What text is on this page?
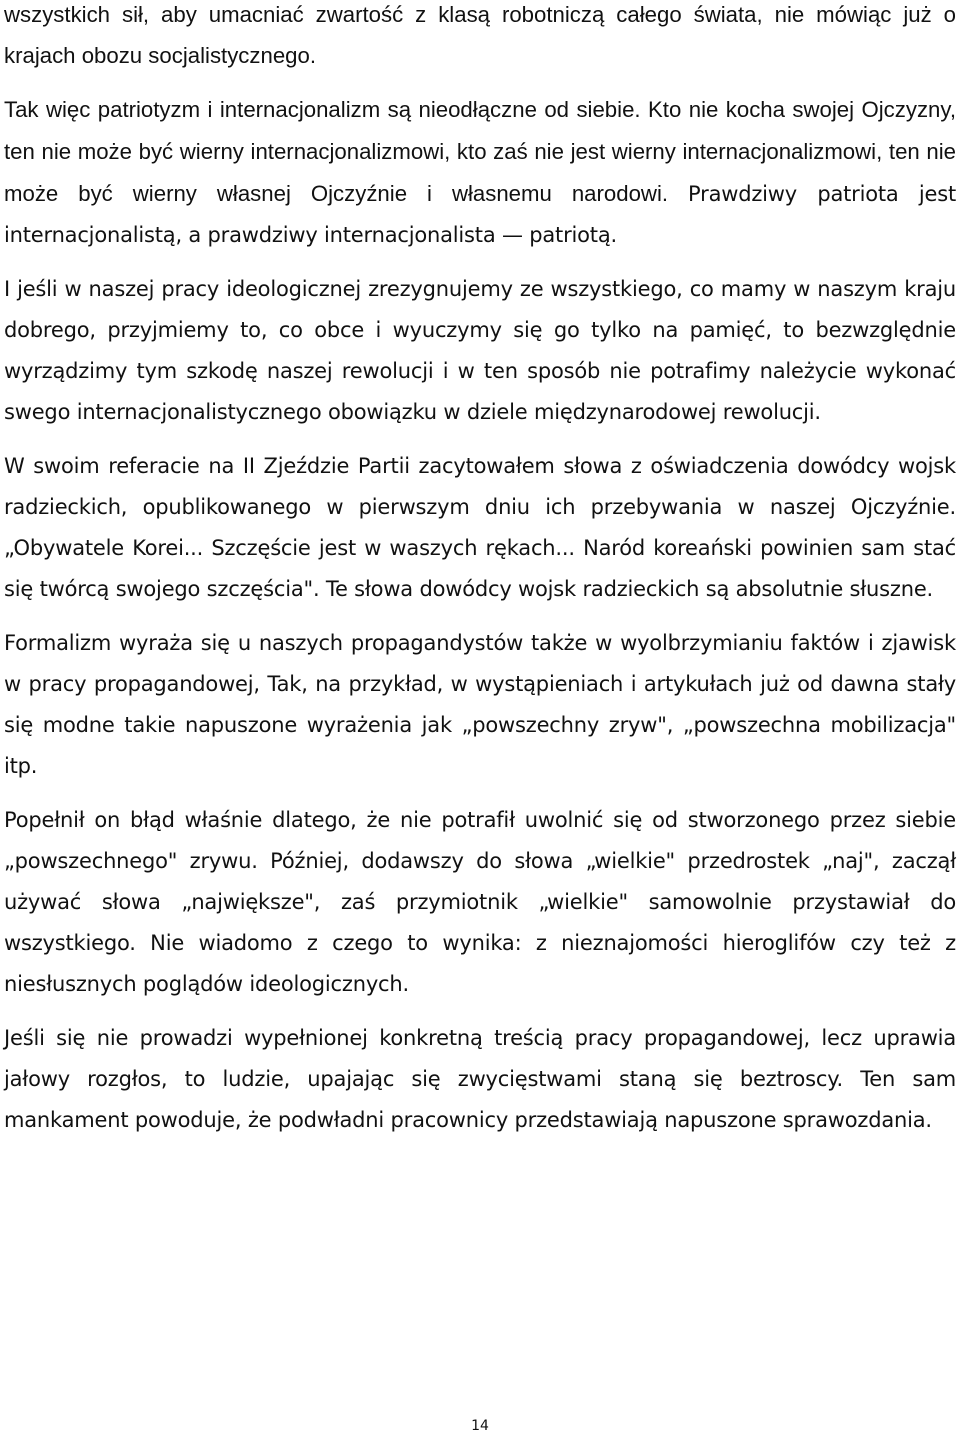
wszystkich sił, aby umacniać zwartość z klasą robotniczą całego świata, nie mówiąc już o krajach obozu socjalistycznego.

Tak więc patriotyzm i internacjonalizm są nieodłączne od siebie. Kto nie kocha swojej Ojczyzny, ten nie może być wierny internacjonalizmowi, kto zaś nie jest wierny internacjonalizmowi, ten nie może być wierny własnej Ojczyźnie i własnemu narodowi. Prawdziwy patriota jest internacjonalistą, a prawdziwy internacjonalista — patriotą.

I jeśli w naszej pracy ideologicznej zrezygnujemy ze wszystkiego, co mamy w naszym kraju dobrego, przyjmiemy to, co obce i wyuczymy się go tylko na pamięć, to bezwzględnie wyrządzimy tym szkodę naszej rewolucji i w ten sposób nie potrafimy należycie wykonać swego internacjonalistycznego obowiązku w dziele międzynarodowej rewolucji.

W swoim referacie na II Zjeździe Partii zacytowałem słowa z oświadczenia dowódcy wojsk radzieckich, opublikowanego w pierwszym dniu ich przebywania w naszej Ojczyźnie. „Obywatele Korei... Szczęście jest w waszych rękach... Naród koreański powinien sam stać się twórcą swojego szczęścia". Te słowa dowódcy wojsk radzieckich są absolutnie słuszne.

Formalizm wyraża się u naszych propagandystów także w wyolbrzymianiu faktów i zjawisk w pracy propagandowej, Tak, na przykład, w wystąpieniach i artykułach już od dawna stały się modne takie napuszone wyrażenia jak „powszechny zryw", „powszechna mobilizacja" itp.

Popełnił on błąd właśnie dlatego, że nie potrafił uwolnić się od stworzonego przez siebie „powszechnego" zrywu. Później, dodawszy do słowa „wielkie" przedrostek „naj", zaczął używać słowa „największe", zaś przymiotnik „wielkie" samowolnie przystawiał do wszystkiego. Nie wiadomo z czego to wynika: z nieznajomości hieroglifów czy też z niesłusznych poglądów ideologicznych.

Jeśli się nie prowadzi wypełnionej konkretną treścią pracy propagandowej, lecz uprawia jałowy rozgłos, to ludzie, upajając się zwycięstwami staną się beztroscy. Ten sam mankament powoduje, że podwładni pracownicy przedstawiają napuszone sprawozdania.

14
